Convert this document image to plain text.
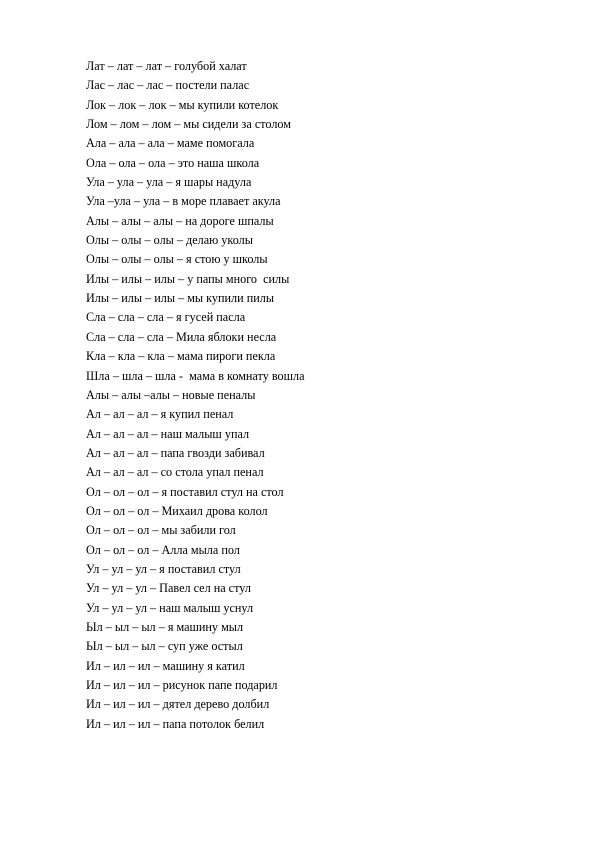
Лат – лат – лат – голубой халат
Лас – лас – лас – постели палас
Лок – лок – лок – мы купили котелок
Лом – лом – лом – мы сидели за столом
Ала – ала – ала – маме помогала
Ола – ола – ола – это наша школа
Ула – ула – ула – я шары надула
Ула –ула – ула – в море плавает акула
Алы – алы – алы – на дороге шпалы
Олы – олы – олы – делаю уколы
Олы – олы – олы – я стою у школы
Илы – илы – илы – у папы много  силы
Илы – илы – илы – мы купили пилы
Сла – сла – сла – я гусей пасла
Сла – сла – сла – Мила яблоки несла
Кла – кла – кла – мама пироги пекла
Шла – шла – шла -  мама в комнату вошла
Алы – алы –алы – новые пеналы
Ал – ал – ал – я купил пенал
Ал – ал – ал – наш малыш упал
Ал – ал – ал – папа гвозди забивал
Ал – ал – ал – со стола упал пенал
Ол – ол – ол – я поставил стул на стол
Ол – ол – ол – Михаил дрова колол
Ол – ол – ол – мы забили гол
Ол – ол – ол – Алла мыла пол
Ул – ул – ул – я поставил стул
Ул – ул – ул – Павел сел на стул
Ул – ул – ул – наш малыш уснул
Ыл – ыл – ыл – я машину мыл
Ыл – ыл – ыл – суп уже остыл
Ил – ил – ил – машину я катил
Ил – ил – ил – рисунок папе подарил
Ил – ил – ил – дятел дерево долбил
Ил – ил – ил – папа потолок белил
